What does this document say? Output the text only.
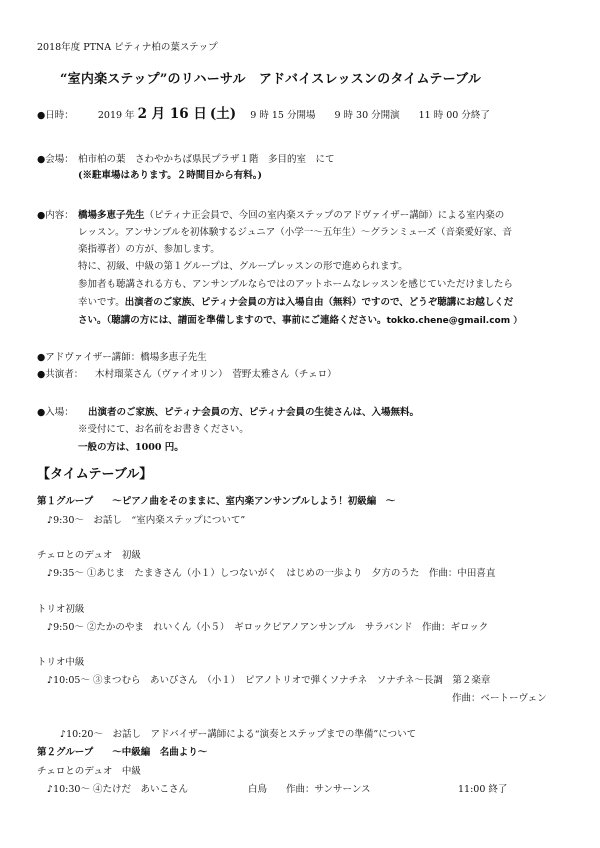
2018年度 PTNA ピティナ柏の葉ステップ
“室内楽ステップ”のリハーサル　アドバイスレッスンのタイムテーブル
●日時：	2019 年 2 月 16 日 (土) 9 時 15 分開場　　9 時 30 分開演　　11 時 00 分終了
●会場： 柏市柏の葉　さわやかちば県民プラザ１階　多目的室　にて
(※駐車場はあります。２時間目から有料。)
●内容： 橋場多恵子先生（ピティナ正会員で、今回の室内楽ステップのアドヴァイザー講師）による室内楽の
レッスン。アンサンブルを初体験するジュニア（小学一〜五年生）〜グランミューズ（音楽愛好家、音
楽指導者）の方が、参加します。
特に、初級、中級の第１グループは、グループレッスンの形で進められます。
参加者も聴講される方も、アンサンブルならではのアットホームなレッスンを感じていただけましたら
幸いです。出演者のご家族、ピティナ会員の方は入場自由（無料）ですので、どうぞ聴講にお越しくだ
さい。（聴講の方には、譜面を準備しますので、事前にご連絡ください。tokko.chene@gmail.com ）
●アドヴァイザー講師：橋場多恵子先生
●共演者： 木村瑠菜さん（ヴァイオリン）　菅野太雅さん（チェロ）
●入場： 出演者のご家族、ピティナ会員の方、ピティナ会員の生徒さんは、入場無料。
※受付にて、お名前をお書きください。
一般の方は、1000 円。
【タイムテーブル】
第１グループ　　〜ピアノ曲をそのままに、室内楽アンサンブルしよう！初級編　〜
♪9:30〜　お話し　“室内楽ステップについて”
チェロとのデュオ　初級
♪9:35〜 ①あじま　たまきさん（小１）しつないがく　はじめの一歩より　夕方のうた　作曲：中田喜直
トリオ初級
♪9:50〜 ②たかのやま　れいくん（小５）　ギロックピアノアンサンブル　サラバンド　作曲：ギロック
トリオ中級
♪10:05〜 ③まつむら　あいびさん　（小１）　ピアノトリオで弾くソナチネ　ソナチネ〜長調　第２楽章
作曲：ベートーヴェン
♪10:20〜　お話し　アドバイザー講師による“演奏とステップまでの準備”について
第２グループ　　〜中級編　名曲より〜
チェロとのデュオ　中級
♪10:30〜 ④たけだ　あいこさん	白鳥　　作曲：サンサーンス	11:00 終了
